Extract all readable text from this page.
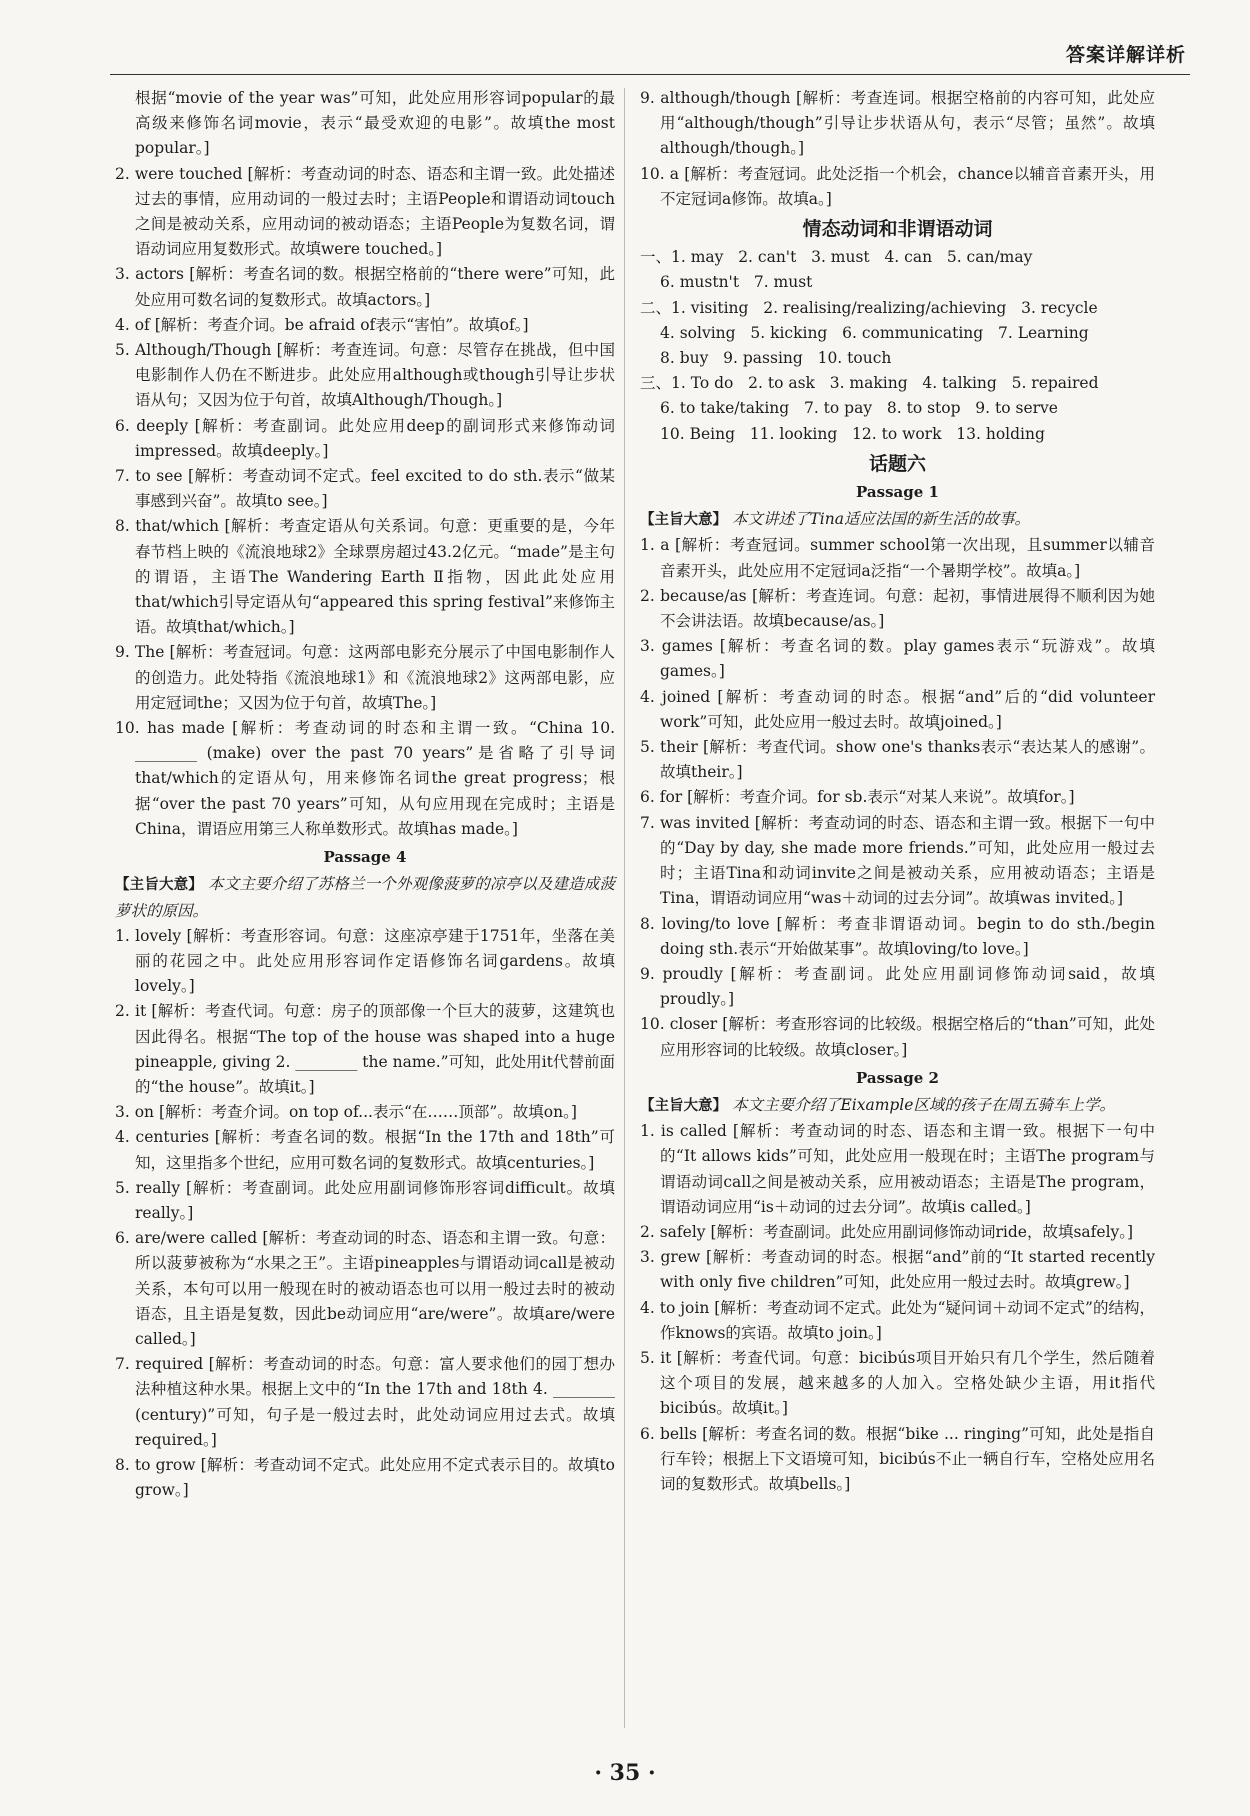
答案详解详析

根据“movie of the year was”可知，此处应用形容词popular的最高级来修饰名词movie，表示“最受欢迎的电影”。故填the most popular。]

2. were touched [解析：考查动词的时态、语态和主谓一致。此处描述过去的事情，应用动词的一般过去时；主语People和谓语动词touch之间是被动关系，应用动词的被动语态；主语People为复数名词，谓语动词应用复数形式。故填were touched。]

3. actors [解析：考查名词的数。根据空格前的“there were”可知，此处应用可数名词的复数形式。故填actors。]

4. of [解析：考查介词。be afraid of表示“害怕”。故填of。]

5. Although/Though [解析：考查连词。句意：尽管存在挑战，但中国电影制作人仍在不断进步。此处应用although或though引导让步状语从句；又因为位于句首，故填Although/Though。]

6. deeply [解析：考查副词。此处应用deep的副词形式来修饰动词impressed。故填deeply。]

7. to see [解析：考查动词不定式。feel excited to do sth.表示“做某事感到兴奋”。故填to see。]

8. that/which [解析：考查定语从句关系词。句意：更重要的是，今年春节档上映的《流浪地球2》全球票房超过43.2亿元。“made”是主句的谓语，主语The Wandering Earth Ⅱ指物，因此此处应用that/which引导定语从句“appeared this spring festival”来修饰主语。故填that/which。]

9. The [解析：考查冠词。句意：这两部电影充分展示了中国电影制作人的创造力。此处特指《流浪地球1》和《流浪地球2》这两部电影，应用定冠词the；又因为位于句首，故填The。]

10. has made [解析：考查动词的时态和主谓一致。“China 10. ________ (make) over the past 70 years”是省略了引导词that/which的定语从句，用来修饰名词the great progress；根据“over the past 70 years”可知，从句应用现在完成时；主语是China，谓语应用第三人称单数形式。故填has made。]

Passage 4

【主旨大意】 本文主要介绍了苏格兰一个外观像菠萝的凉亭以及建造成菠萝状的原因。

1. lovely [解析：考查形容词。句意：这座凉亭建于1751年，坐落在美丽的花园之中。此处应用形容词作定语修饰名词gardens。故填lovely。]

2. it [解析：考查代词。句意：房子的顶部像一个巨大的菠萝，这建筑也因此得名。根据“The top of the house was shaped into a huge pineapple, giving 2. ________ the name.”可知，此处用it代替前面的“the house”。故填it。]

3. on [解析：考查介词。on top of...表示“在……顶部”。故填on。]

4. centuries [解析：考查名词的数。根据“In the 17th and 18th”可知，这里指多个世纪，应用可数名词的复数形式。故填centuries。]

5. really [解析：考查副词。此处应用副词修饰形容词difficult。故填really。]

6. are/were called [解析：考查动词的时态、语态和主谓一致。句意：所以菠萝被称为“水果之王”。主语pineapples与谓语动词call是被动关系，本句可以用一般现在时的被动语态也可以用一般过去时的被动语态，且主语是复数，因此be动词应用“are/were”。故填are/were called。]

7. required [解析：考查动词的时态。句意：富人要求他们的园丁想办法种植这种水果。根据上文中的“In the 17th and 18th 4. ________ (century)”可知，句子是一般过去时，此处动词应用过去式。故填required。]

8. to grow [解析：考查动词不定式。此处应用不定式表示目的。故填to grow。]

9. although/though [解析：考查连词。根据空格前的内容可知，此处应用“although/though”引导让步状语从句，表示“尽管；虽然”。故填although/though。]

10. a [解析：考查冠词。此处泛指一个机会，chance以辅音音素开头，用不定冠词a修饰。故填a。]

情态动词和非谓语动词
一、1. may   2. can't   3. must   4. can   5. can/may
6. mustn't   7. must
二、1. visiting   2. realising/realizing/achieving   3. recycle
4. solving   5. kicking   6. communicating   7. Learning
8. buy   9. passing   10. touch
三、1. To do   2. to ask   3. making   4. talking   5. repaired
6. to take/taking   7. to pay   8. to stop   9. to serve
10. Being   11. looking   12. to work   13. holding
话题六
Passage 1

【主旨大意】 本文讲述了Tina适应法国的新生活的故事。

1. a [解析：考查冠词。summer school第一次出现，且summer以辅音音素开头，此处应用不定冠词a泛指“一个暑期学校”。故填a。]

2. because/as [解析：考查连词。句意：起初，事情进展得不顺利因为她不会讲法语。故填because/as。]

3. games [解析：考查名词的数。play games表示“玩游戏”。故填games。]

4. joined [解析：考查动词的时态。根据“and”后的“did volunteer work”可知，此处应用一般过去时。故填joined。]

5. their [解析：考查代词。show one's thanks表示“表达某人的感谢”。故填their。]

6. for [解析：考查介词。for sb.表示“对某人来说”。故填for。]

7. was invited [解析：考查动词的时态、语态和主谓一致。根据下一句中的“Day by day, she made more friends.”可知，此处应用一般过去时；主语Tina和动词invite之间是被动关系，应用被动语态；主语是Tina，谓语动词应用“was＋动词的过去分词”。故填was invited。]

8. loving/to love [解析：考查非谓语动词。begin to do sth./begin doing sth.表示“开始做某事”。故填loving/to love。]

9. proudly [解析：考查副词。此处应用副词修饰动词said，故填proudly。]

10. closer [解析：考查形容词的比较级。根据空格后的“than”可知，此处应用形容词的比较级。故填closer。]

Passage 2

【主旨大意】 本文主要介绍了Eixample区域的孩子在周五骑车上学。

1. is called [解析：考查动词的时态、语态和主谓一致。根据下一句中的“It allows kids”可知，此处应用一般现在时；主语The program与谓语动词call之间是被动关系，应用被动语态；主语是The program，谓语动词应用“is＋动词的过去分词”。故填is called。]

2. safely [解析：考查副词。此处应用副词修饰动词ride，故填safely。]

3. grew [解析：考查动词的时态。根据“and”前的“It started recently with only five children”可知，此处应用一般过去时。故填grew。]

4. to join [解析：考查动词不定式。此处为“疑问词＋动词不定式”的结构，作knows的宾语。故填to join。]

5. it [解析：考查代词。句意：bicibús项目开始只有几个学生，然后随着这个项目的发展，越来越多的人加入。空格处缺少主语，用it指代bicibús。故填it。]

6. bells [解析：考查名词的数。根据“bike ... ringing”可知，此处是指自行车铃；根据上下文语境可知，bicibús不止一辆自行车，空格处应用名词的复数形式。故填bells。]

· 35 ·
